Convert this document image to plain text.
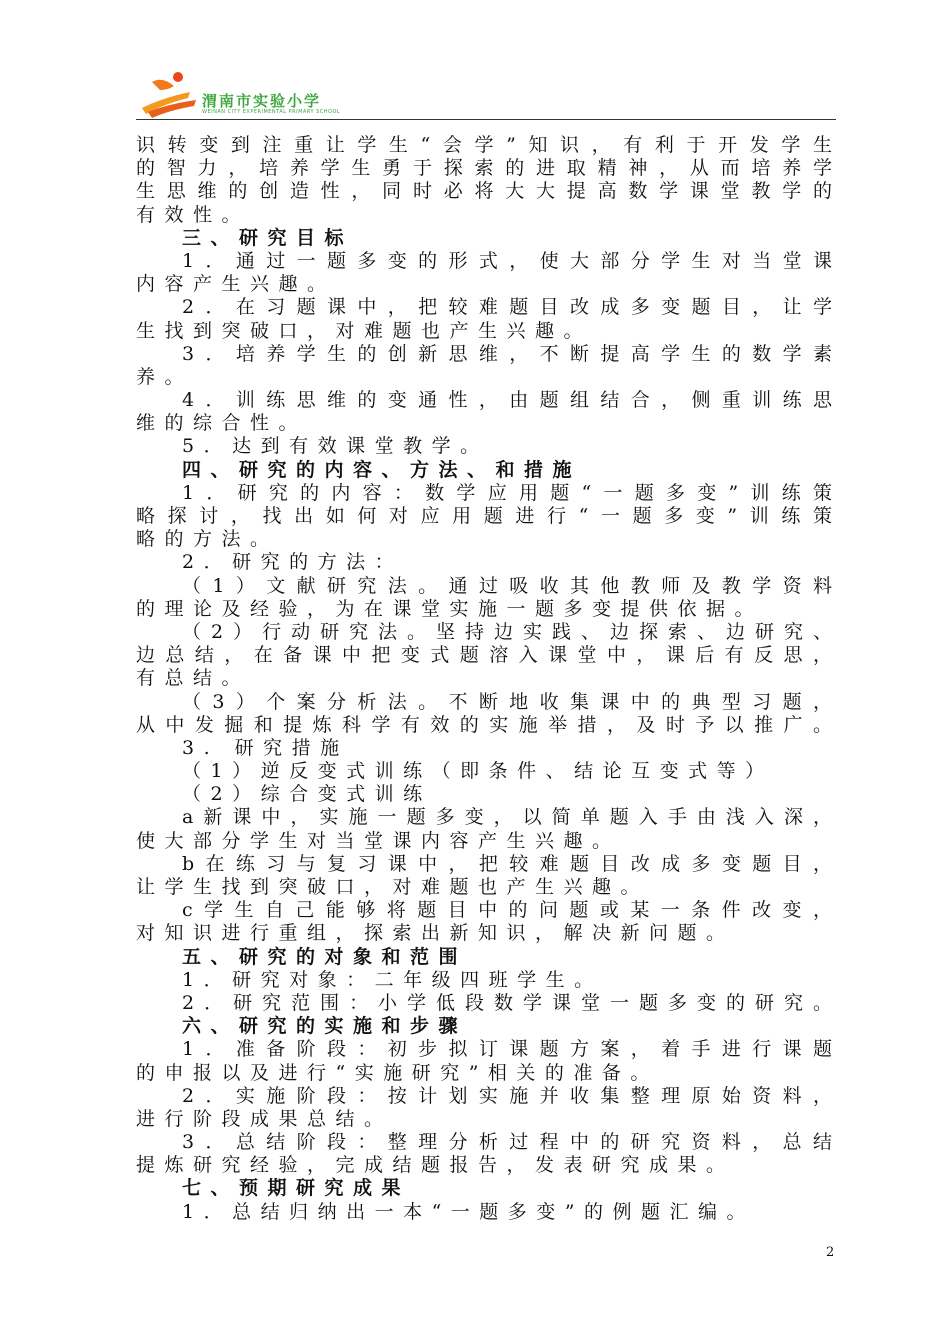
渭南市实验小学
WEINAN CITY EXPERIMENTAL PRIMARY SCHOOL
识转变到注重让学生“会学”知识，有利于开发学生
的智力，培养学生勇于探索的进取精神，从而培养学
生思维的创造性，同时必将大大提高数学课堂教学的
有效性。
三、研究目标
1．通过一题多变的形式，使大部分学生对当堂课
内容产生兴趣。
2．在习题课中，把较难题目改成多变题目，让学
生找到突破口，对难题也产生兴趣。
3．培养学生的创新思维，不断提高学生的数学素
养。
4．训练思维的变通性，由题组结合，侧重训练思
维的综合性。
5．达到有效课堂教学。
四、研究的内容、方法、和措施
1．研究的内容：数学应用题“一题多变”训练策
略探讨，找出如何对应用题进行“一题多变”训练策
略的方法。
2．研究的方法：
（1）文献研究法。通过吸收其他教师及教学资料
的理论及经验，为在课堂实施一题多变提供依据。
（2）行动研究法。坚持边实践、边探索、边研究、
边总结，在备课中把变式题溶入课堂中，课后有反思，
有总结。
（3）个案分析法。不断地收集课中的典型习题，
从中发掘和提炼科学有效的实施举措，及时予以推广。
3. 研究措施
（1）逆反变式训练（即条件、结论互变式等）
（2）综合变式训练
a新课中，实施一题多变，以简单题入手由浅入深，
使大部分学生对当堂课内容产生兴趣。
b在练习与复习课中，把较难题目改成多变题目，
让学生找到突破口，对难题也产生兴趣。
c学生自己能够将题目中的问题或某一条件改变，
对知识进行重组，探索出新知识，解决新问题。
五、研究的对象和范围
1．研究对象：二年级四班学生。
2．研究范围：小学低段数学课堂一题多变的研究。
六、研究的实施和步骤
1．准备阶段：初步拟订课题方案，着手进行课题
的申报以及进行“实施研究”相关的准备。
2．实施阶段：按计划实施并收集整理原始资料，
进行阶段成果总结。
3．总结阶段：整理分析过程中的研究资料，总结
提炼研究经验，完成结题报告，发表研究成果。
七、预期研究成果
1．总结归纳出一本“一题多变”的例题汇编。
2
